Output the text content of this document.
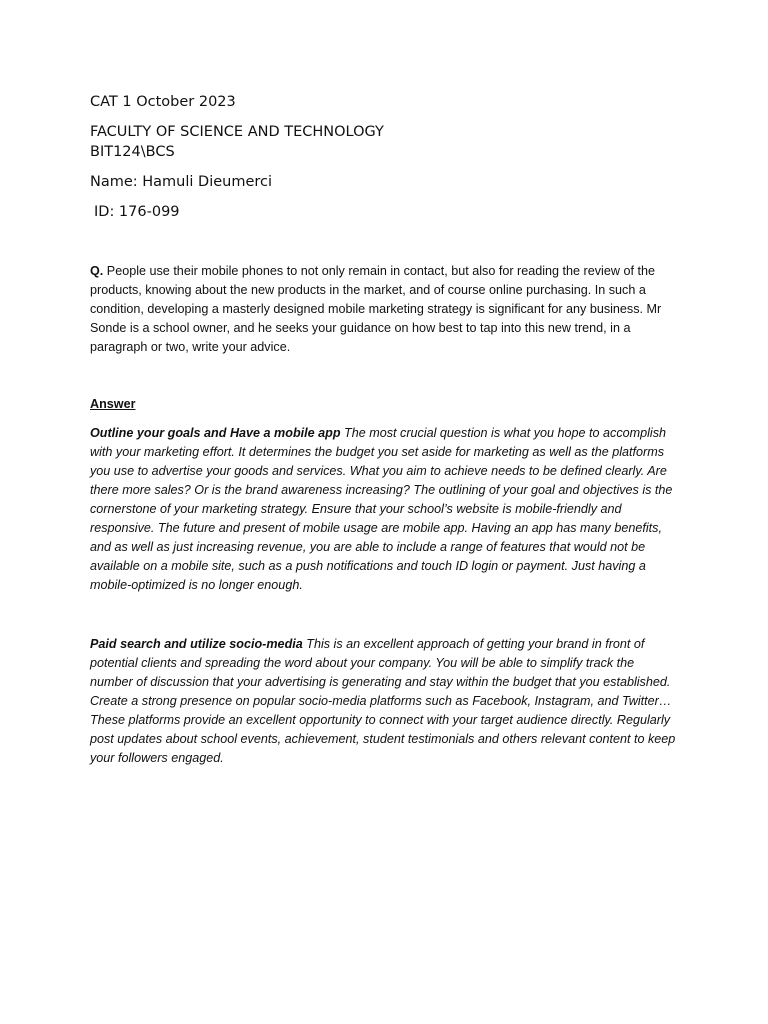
CAT 1 October 2023

FACULTY OF SCIENCE AND TECHNOLOGY

BIT124\BCS

Name: Hamuli Dieumerci

ID: 176-099

Q. People use their mobile phones to not only remain in contact, but also for reading the review of the products, knowing about the new products in the market, and of course online purchasing. In such a condition, developing a masterly designed mobile marketing strategy is significant for any business. Mr Sonde is a school owner, and he seeks your guidance on how best to tap into this new trend, in a paragraph or two, write your advice.

Answer

Outline your goals and Have a mobile app The most crucial question is what you hope to accomplish with your marketing effort. It determines the budget you set aside for marketing as well as the platforms you use to advertise your goods and services. What you aim to achieve needs to be defined clearly. Are there more sales? Or is the brand awareness increasing? The outlining of your goal and objectives is the cornerstone of your marketing strategy. Ensure that your school’s website is mobile-friendly and responsive. The future and present of mobile usage are mobile app. Having an app has many benefits, and as well as just increasing revenue, you are able to include a range of features that would not be available on a mobile site, such as a push notifications and touch ID login or payment. Just having a mobile-optimized is no longer enough.

Paid search and utilize socio-media This is an excellent approach of getting your brand in front of potential clients and spreading the word about your company. You will be able to simplify track the number of discussion that your advertising is generating and stay within the budget that you established. Create a strong presence on popular socio-media platforms such as Facebook, Instagram, and Twitter… These platforms provide an excellent opportunity to connect with your target audience directly. Regularly post updates about school events, achievement, student testimonials and others relevant content to keep your followers engaged.
